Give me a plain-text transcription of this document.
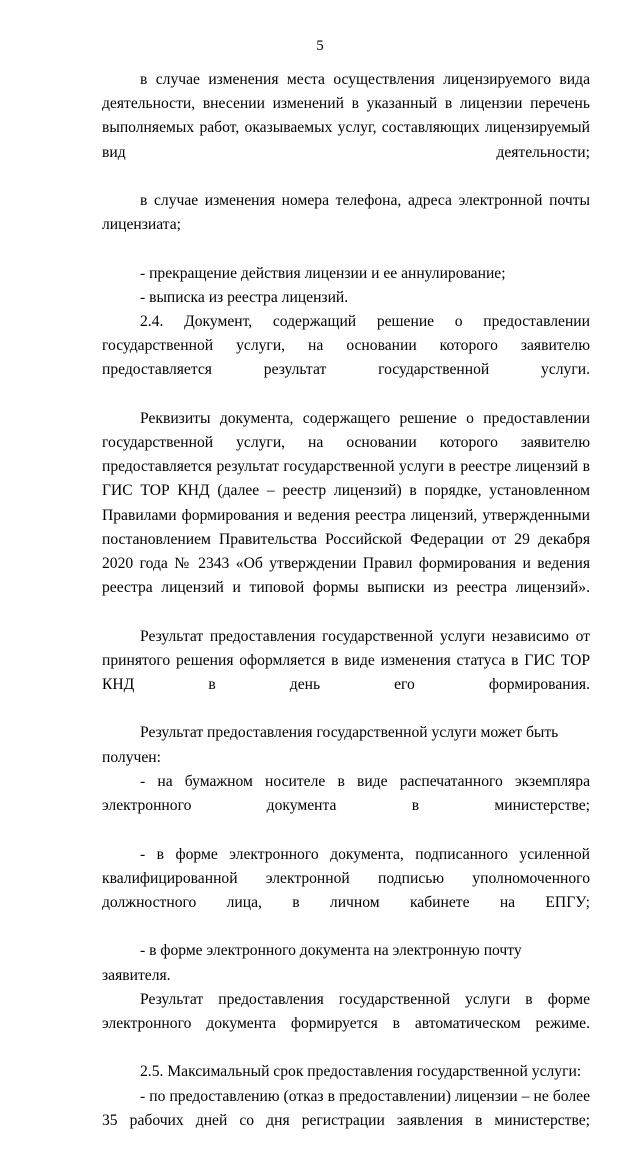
5

в случае изменения места осуществления лицензируемого вида деятельности, внесении изменений в указанный в лицензии перечень выполняемых работ, оказываемых услуг, составляющих лицензируемый вид деятельности;

в случае изменения номера телефона, адреса электронной почты лицензиата;

- прекращение действия лицензии и ее аннулирование;

- выписка из реестра лицензий.

2.4. Документ, содержащий решение о предоставлении государственной услуги, на основании которого заявителю предоставляется результат государственной услуги.

Реквизиты документа, содержащего решение о предоставлении государственной услуги, на основании которого заявителю предоставляется результат государственной услуги в реестре лицензий в ГИС ТОР КНД (далее – реестр лицензий) в порядке, установленном Правилами формирования и ведения реестра лицензий, утвержденными постановлением Правительства Российской Федерации от 29 декабря 2020 года № 2343 «Об утверждении Правил формирования и ведения реестра лицензий и типовой формы выписки из реестра лицензий».

Результат предоставления государственной услуги независимо от принятого решения оформляется в виде изменения статуса в ГИС ТОР КНД в день его формирования.

Результат предоставления государственной услуги может быть получен:

- на бумажном носителе в виде распечатанного экземпляра электронного документа в министерстве;

- в форме электронного документа, подписанного усиленной квалифицированной электронной подписью уполномоченного должностного лица, в личном кабинете на ЕПГУ;

- в форме электронного документа на электронную почту заявителя.

Результат предоставления государственной услуги в форме электронного документа формируется в автоматическом режиме.

2.5. Максимальный срок предоставления государственной услуги:

- по предоставлению (отказ в предоставлении) лицензии – не более 35 рабочих дней со дня регистрации заявления в министерстве;
